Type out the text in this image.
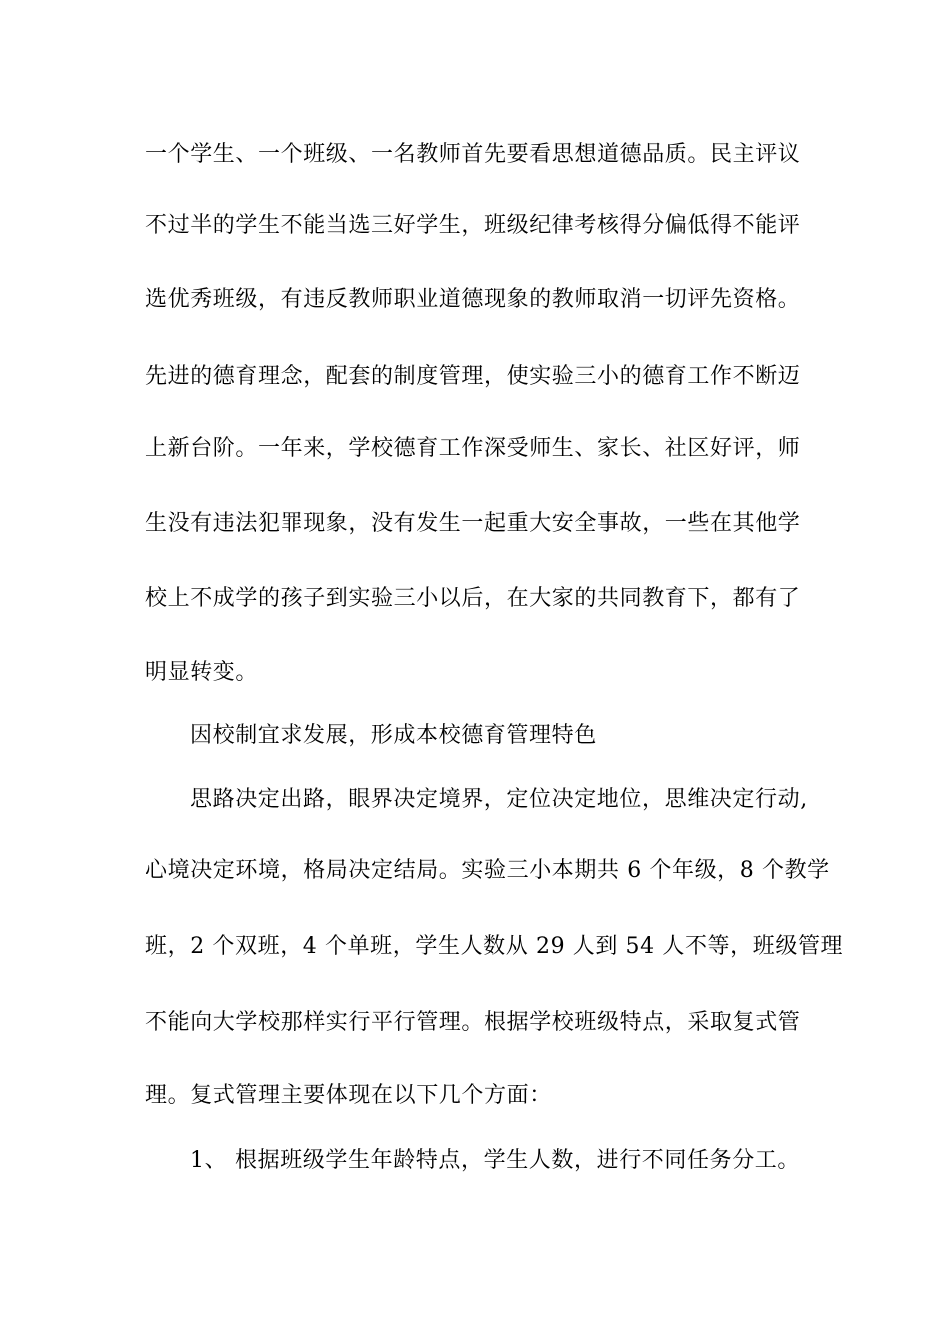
一个学生、一个班级、一名教师首先要看思想道德品质。民主评议
不过半的学生不能当选三好学生，班级纪律考核得分偏低得不能评
选优秀班级，有违反教师职业道德现象的教师取消一切评先资格。
先进的德育理念，配套的制度管理，使实验三小的德育工作不断迈
上新台阶。一年来，学校德育工作深受师生、家长、社区好评，师
生没有违法犯罪现象，没有发生一起重大安全事故，一些在其他学
校上不成学的孩子到实验三小以后，在大家的共同教育下，都有了
明显转变。
因校制宜求发展，形成本校德育管理特色
思路决定出路，眼界决定境界，定位决定地位，思维决定行动,
心境决定环境，格局决定结局。实验三小本期共 6 个年级，8 个教学
班，2 个双班，4 个单班，学生人数从 29 人到 54 人不等，班级管理
不能向大学校那样实行平行管理。根据学校班级特点，采取复式管
理。复式管理主要体现在以下几个方面：
1、 根据班级学生年龄特点，学生人数，进行不同任务分工。
